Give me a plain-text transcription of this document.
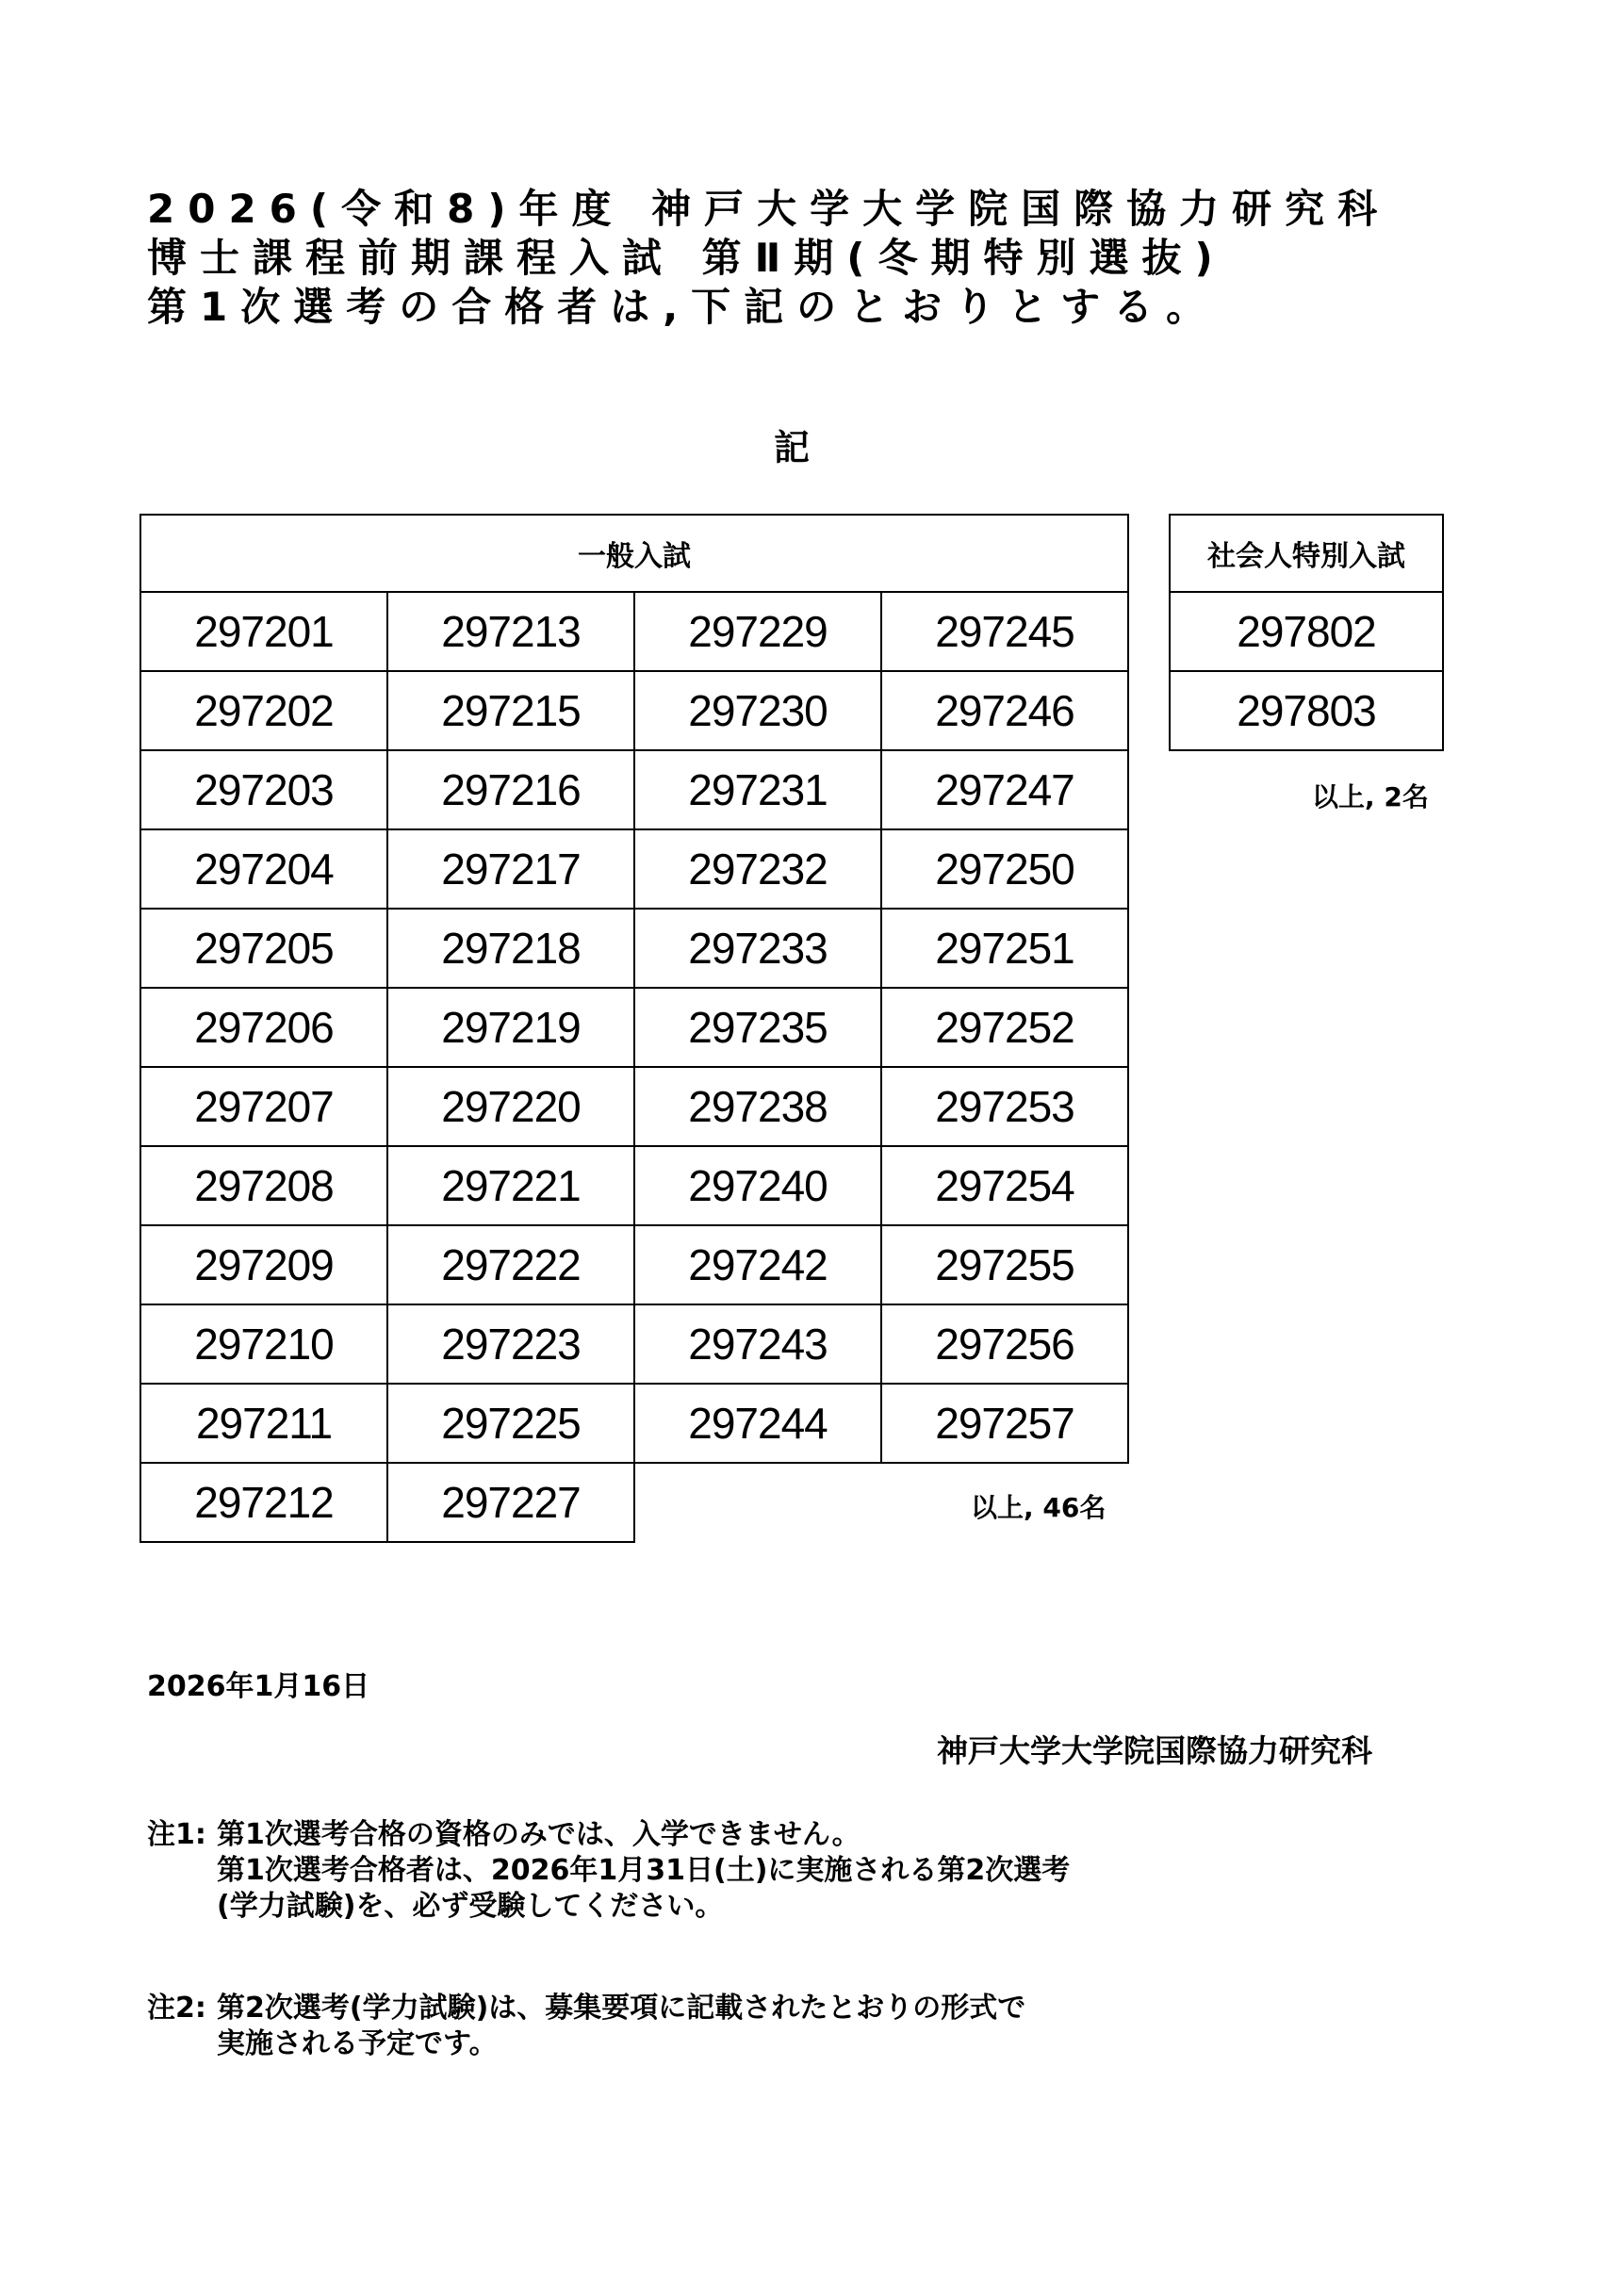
2026(令和8)年度 神戸大学大学院国際協力研究科
博士課程前期課程入試 第Ⅱ期(冬期特別選抜)
第1次選考の合格者は,下記のとおりとする。
記
一般入試			
297201	297213	297229	297245
297202	297215	297230	297246
297203	297216	297231	297247
297204	297217	297232	297250
297205	297218	297233	297251
297206	297219	297235	297252
297207	297220	297238	297253
297208	297221	297240	297254
297209	297222	297242	297255
297210	297223	297243	297256
297211	297225	297244	297257
297212	297227			以上, 46名
社会人特別入試
297802
297803
以上, 2名
2026年1月16日
神戸大学大学院国際協力研究科
注1: 第1次選考合格の資格のみでは、入学できません。
第1次選考合格者は、2026年1月31日(土)に実施される第2次選考
(学力試験)を、必ず受験してください。
注2: 第2次選考(学力試験)は、募集要項に記載されたとおりの形式で
実施される予定です。
